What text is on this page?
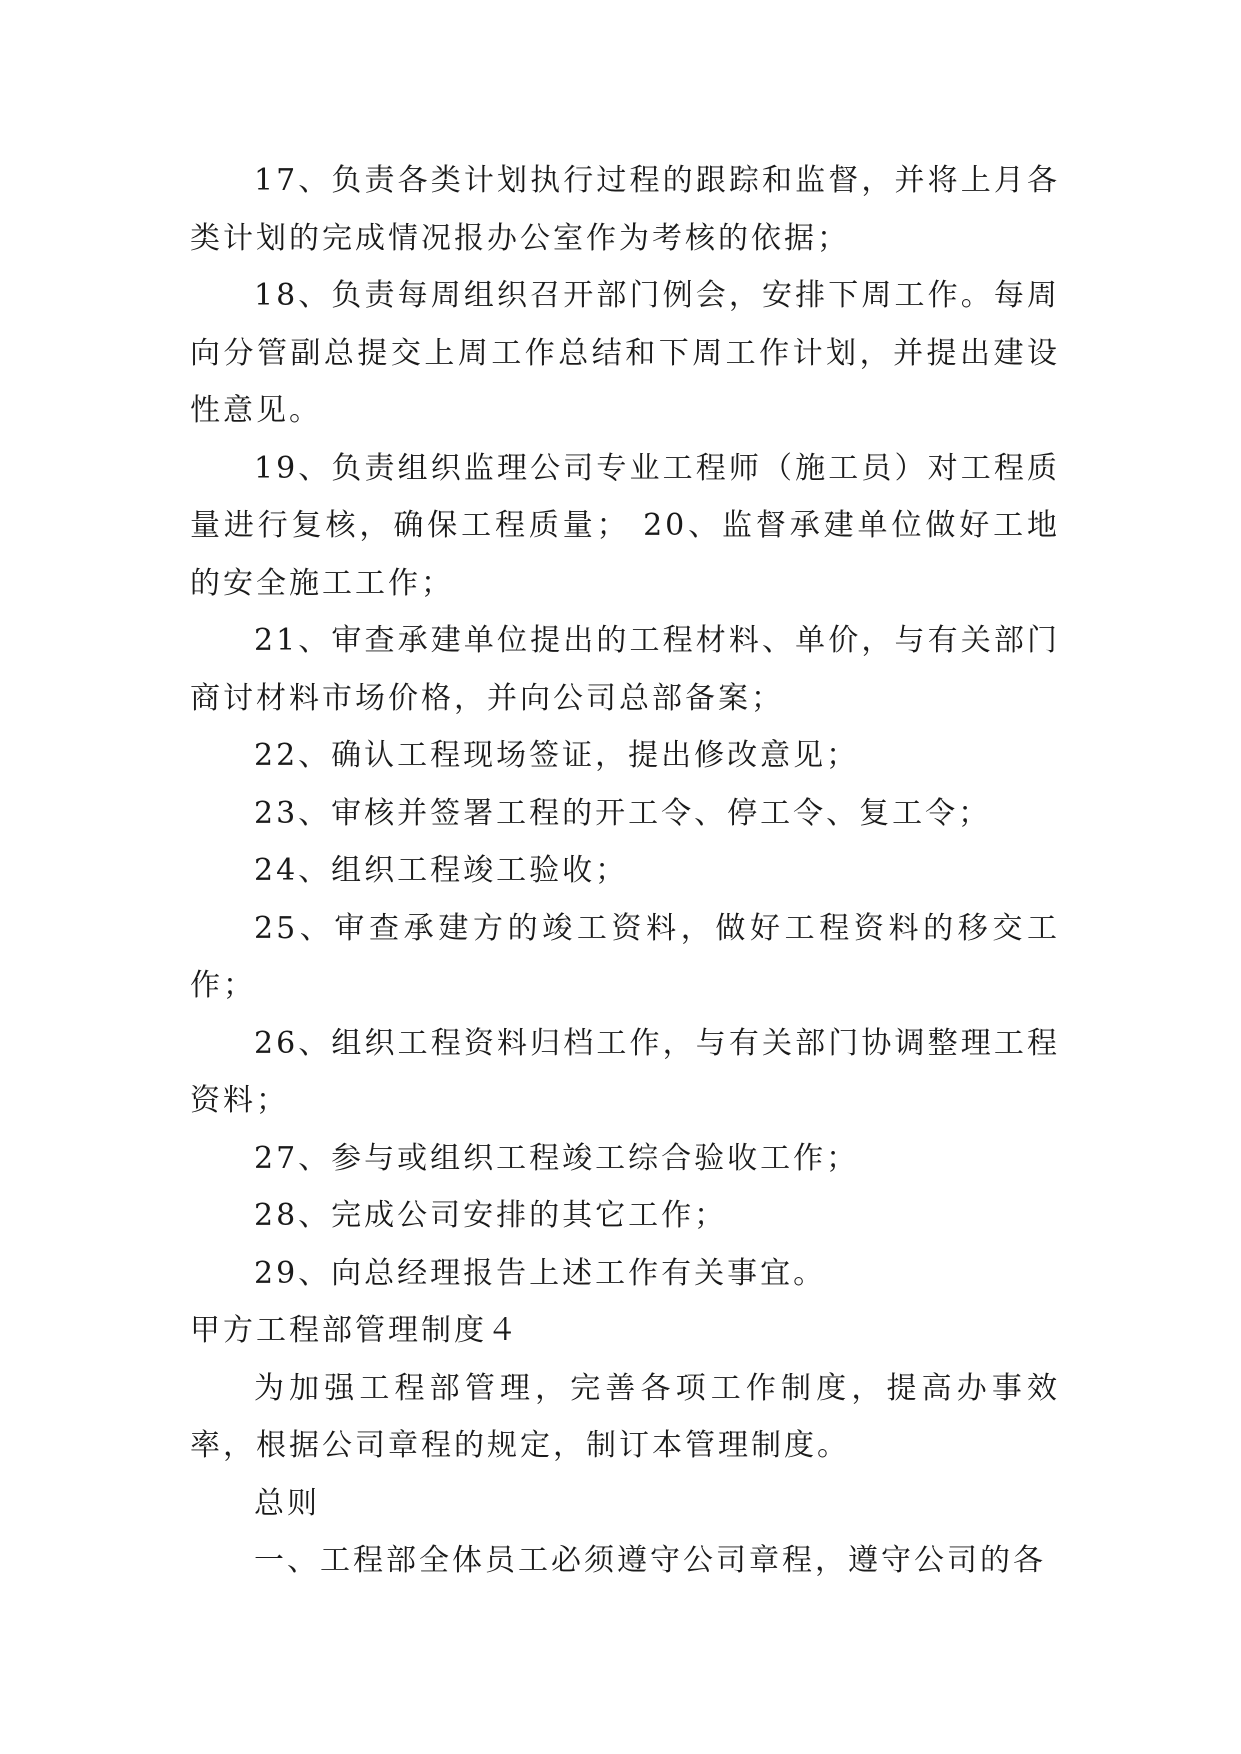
17、负责各类计划执行过程的跟踪和监督，并将上月各类计划的完成情况报办公室作为考核的依据；

18、负责每周组织召开部门例会，安排下周工作。每周向分管副总提交上周工作总结和下周工作计划，并提出建设性意见。

19、负责组织监理公司专业工程师（施工员）对工程质量进行复核，确保工程质量； 20、监督承建单位做好工地的安全施工工作；

21、审查承建单位提出的工程材料、单价，与有关部门商讨材料市场价格，并向公司总部备案；

22、确认工程现场签证，提出修改意见；

23、审核并签署工程的开工令、停工令、复工令；

24、组织工程竣工验收；

25、审查承建方的竣工资料，做好工程资料的移交工作；

26、组织工程资料归档工作，与有关部门协调整理工程资料；

27、参与或组织工程竣工综合验收工作；

28、完成公司安排的其它工作；

29、向总经理报告上述工作有关事宜。

甲方工程部管理制度４

为加强工程部管理，完善各项工作制度，提高办事效率，根据公司章程的规定，制订本管理制度。

总则

一、工程部全体员工必须遵守公司章程，遵守公司的各
